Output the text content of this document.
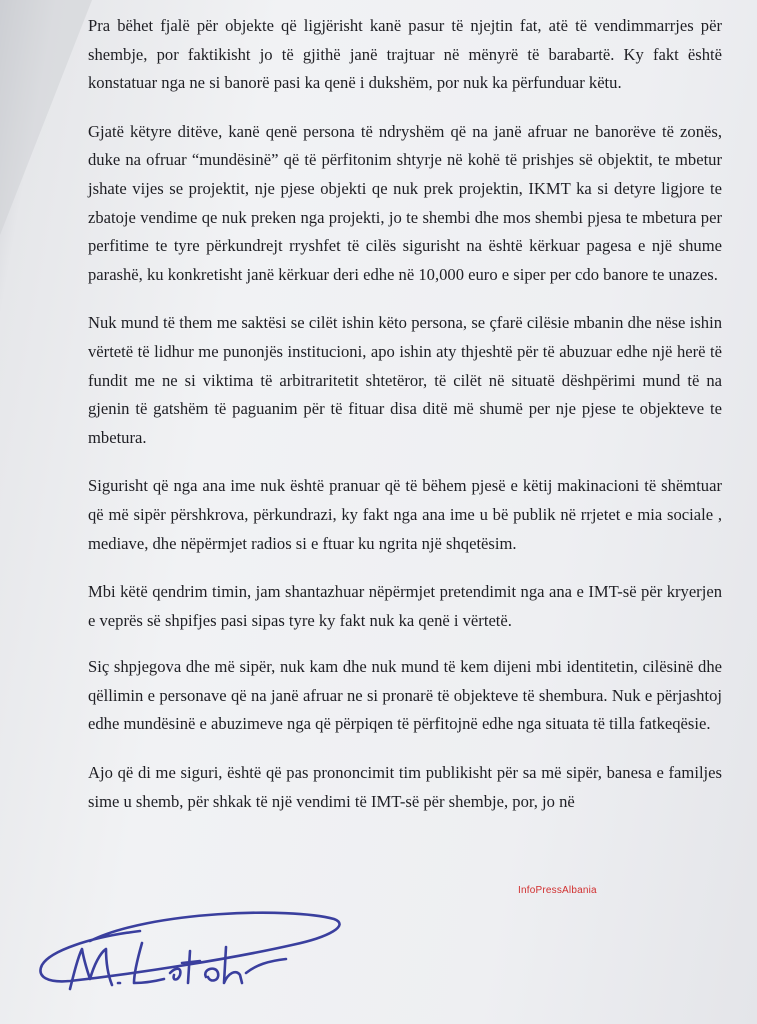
Pra bëhet fjalë për objekte që ligjërisht kanë pasur të njejtin fat, atë të vendimmarrjes për shembje, por faktikisht jo të gjithë janë trajtuar në mënyrë të barabartë. Ky fakt është konstatuar nga ne si banorë pasi ka qenë i dukshëm, por nuk ka përfunduar këtu.

Gjatë këtyre ditëve, kanë qenë persona të ndryshëm që na janë afruar ne banorëve të zonës, duke na ofruar “mundësinë” që të përfitonim shtyrje në kohë të prishjes së objektit, te mbetur jshate vijes se projektit, nje pjese objekti qe nuk prek projektin, IKMT ka si detyre ligjore te zbatoje vendime qe nuk preken nga projekti, jo te shembi dhe mos shembi pjesa te mbetura per perfitime te tyre përkundrejt rryshfet të cilës sigurisht na është kërkuar pagesa e një shume parashë, ku konkretisht janë kërkuar deri edhe në 10,000 euro e siper per cdo banore te unazes.

Nuk mund të them me saktësi se cilët ishin këto persona, se çfarë cilësie mbanin dhe nëse ishin vërtetë të lidhur me punonjës institucioni, apo ishin aty thjeshtë për të abuzuar edhe një herë të fundit me ne si viktima të arbitraritetit shtetëror, të cilët në situatë dëshpërimi mund të na gjenin të gatshëm të paguanim për të fituar disa ditë më shumë per nje pjese te objekteve te mbetura.

Sigurisht që nga ana ime nuk është pranuar që të bëhem pjesë e këtij makinacioni të shëmtuar që më sipër përshkrova, përkundrazi, ky fakt nga ana ime u bë publik në rrjetet e mia sociale , mediave, dhe nëpërmjet radios si e ftuar ku ngrita një shqetësim.

Mbi këtë qendrim timin, jam shantazhuar nëpërmjet pretendimit nga ana e IMT-së për kryerjen e veprës së shpifjes pasi sipas tyre ky fakt nuk ka qenë i vërtetë.

Siç shpjegova dhe më sipër, nuk kam dhe nuk mund të kem dijeni mbi identitetin, cilësinë dhe qëllimin e personave që na janë afruar ne si pronarë të objekteve të shembura. Nuk e përjashtoj edhe mundësinë e abuzimeve nga që përpiqen të përfitojnë edhe nga situata të tilla fatkeqësie.

Ajo që di me siguri, është që pas prononcimit tim publikisht për sa më sipër, banesa e familjes sime u shemb, për shkak të një vendimi të IMT-së për shembje, por, jo në

InfoPressAlbania
